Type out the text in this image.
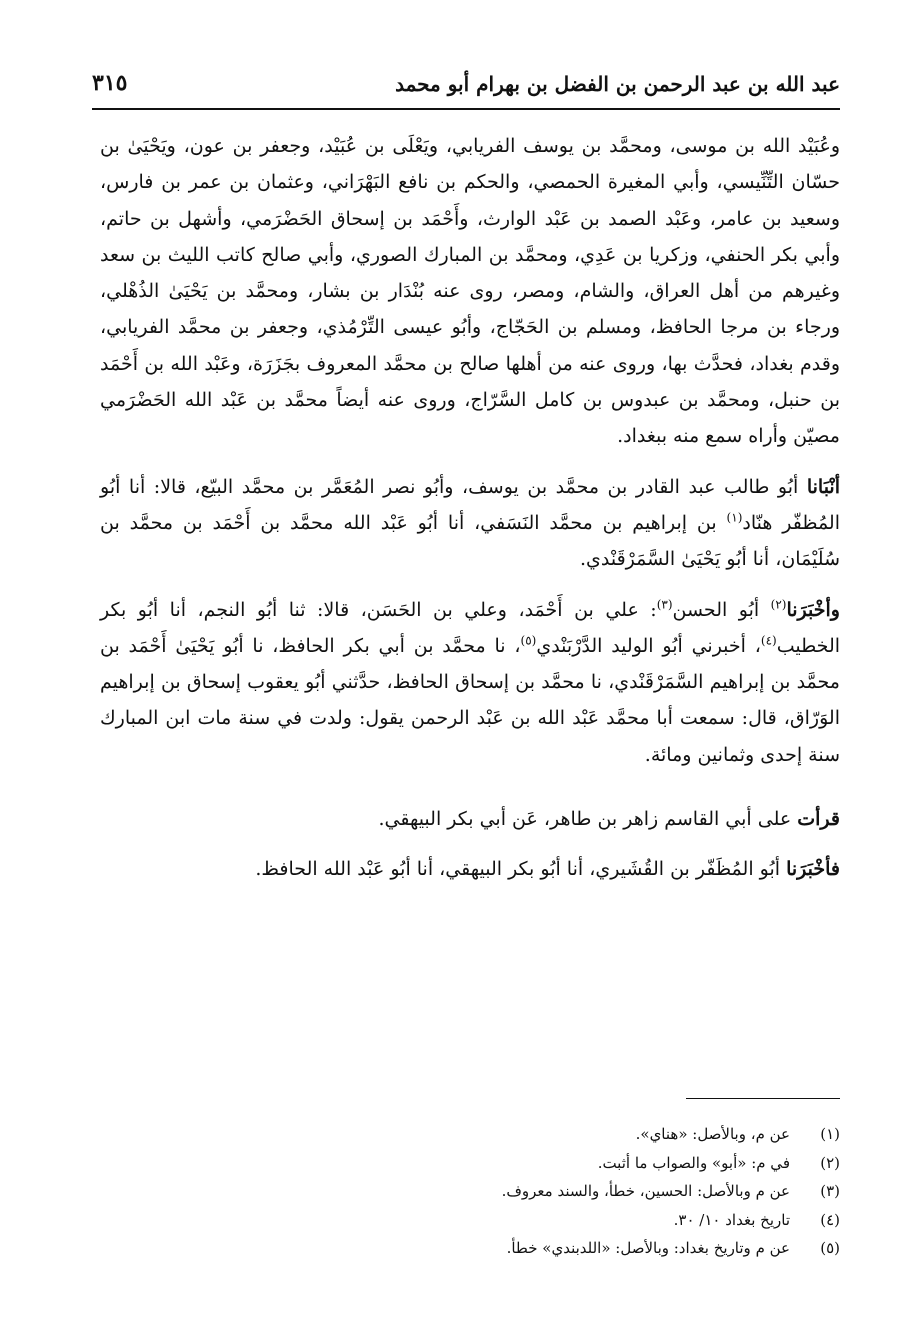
عبد الله بن عبد الرحمن بن الفضل بن بهرام أبو محمد
٣١٥

وعُبَيْد الله بن موسى، ومحمَّد بن يوسف الفريابي، ويَعْلَى بن عُبَيْد، وجعفر بن عون، ويَحْيَىٰ بن حسّان التِّنِّيسي، وأبي المغيرة الحمصي، والحكم بن نافع البَهْرَاني، وعثمان بن عمر بن فارس، وسعيد بن عامر، وعَبْد الصمد بن عَبْد الوارث، وأَحْمَد بن إسحاق الحَضْرَمي، وأشهل بن حاتم، وأبي بكر الحنفي، وزكريا بن عَدِي، ومحمَّد بن المبارك الصوري، وأبي صالح كاتب الليث بن سعد وغيرهم من أهل العراق، والشام، ومصر، روى عنه بُنْدَار بن بشار، ومحمَّد بن يَحْيَىٰ الذُهْلي، ورجاء بن مرجا الحافظ، ومسلم بن الحَجّاج، وأبُو عيسى التِّرْمُذي، وجعفر بن محمَّد الفريابي، وقدم بغداد، فحدَّث بها، وروى عنه من أهلها صالح بن محمَّد المعروف بجَزَرَة، وعَبْد الله بن أَحْمَد بن حنبل، ومحمَّد بن عبدوس بن كامل السَّرّاج، وروى عنه أيضاً محمَّد بن عَبْد الله الحَضْرَمي مصيّن وأراه سمع منه ببغداد.

أنْبَانا أبُو طالب عبد القادر بن محمَّد بن يوسف، وأبُو نصر المُعَمَّر بن محمَّد البيّع، قالا: أنا أبُو المُظفّر هنّاد$^{(١)}$ بن إبراهيم بن محمَّد النَسَفي، أنا أبُو عَبْد الله محمَّد بن أَحْمَد بن محمَّد بن سُلَيْمَان، أنا أبُو يَحْيَىٰ السَّمَرْقَنْدي.

وأخْبَرَنا$^{(٢)}$ أبُو الحسن$^{(٣)}$: علي بن أَحْمَد، وعلي بن الحَسَن، قالا: ثنا أبُو النجم، أنا أبُو بكر الخطيب$^{(٤)}$، أخبرني أبُو الوليد الدَّرْبَنْدي$^{(٥)}$، نا محمَّد بن أبي بكر الحافظ، نا أبُو يَحْيَىٰ أَحْمَد بن محمَّد بن إبراهيم السَّمَرْقَنْدي، نا محمَّد بن إسحاق الحافظ، حدَّثني أبُو يعقوب إسحاق بن إبراهيم الوَرّاق، قال: سمعت أبا محمَّد عَبْد الله بن عَبْد الرحمن يقول: ولدت في سنة مات ابن المبارك سنة إحدى وثمانين ومائة.

قرأت على أبي القاسم زاهر بن طاهر، عَن أبي بكر البيهقي.

فأخْبَرَنا أبُو المُظَفّر بن القُشَيري، أنا أبُو بكر البيهقي، أنا أبُو عَبْد الله الحافظ.

(١)
عن م، وبالأصل: «هناي».
(٢)
في م: «أبو» والصواب ما أثبت.
(٣)
عن م وبالأصل: الحسين، خطأ، والسند معروف.
(٤)
تاريخ بغداد ١٠/ ٣٠.
(٥)
عن م وتاريخ بغداد: وبالأصل: «اللدبندي» خطأ.
